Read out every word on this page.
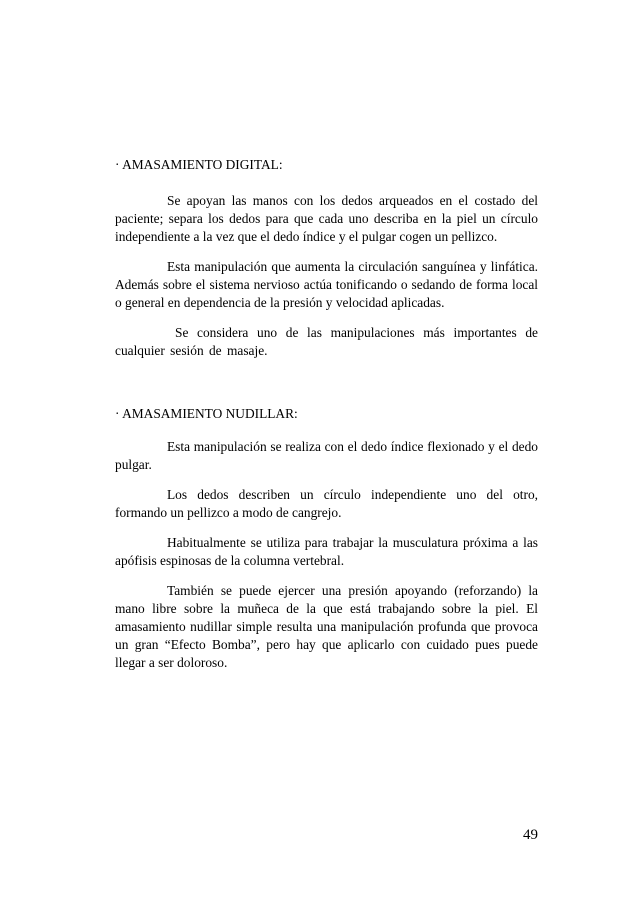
· AMASAMIENTO DIGITAL:

Se apoyan las manos con los dedos arqueados en el costado del paciente; separa los dedos para que cada uno describa en la piel un círculo independiente a la vez que el dedo índice y el pulgar cogen un pellizco.

Esta manipulación que aumenta la circulación sanguínea y linfática. Además sobre el sistema nervioso actúa tonificando o sedando de forma local o general en dependencia de la presión y velocidad aplicadas.

Se considera uno de las manipulaciones más importantes de cualquier sesión de masaje.

· AMASAMIENTO NUDILLAR:

Esta manipulación se realiza con el dedo índice flexionado y el dedo pulgar.

Los dedos describen un círculo independiente uno del otro, formando un pellizco a modo de cangrejo.

Habitualmente se utiliza para trabajar la musculatura próxima a las apófisis espinosas de la columna vertebral.

También se puede ejercer una presión apoyando (reforzando) la mano libre sobre la muñeca de la que está trabajando sobre la piel. El amasamiento nudillar simple resulta una manipulación profunda que provoca un gran “Efecto Bomba”, pero hay que aplicarlo con cuidado pues puede llegar a ser doloroso.

49
